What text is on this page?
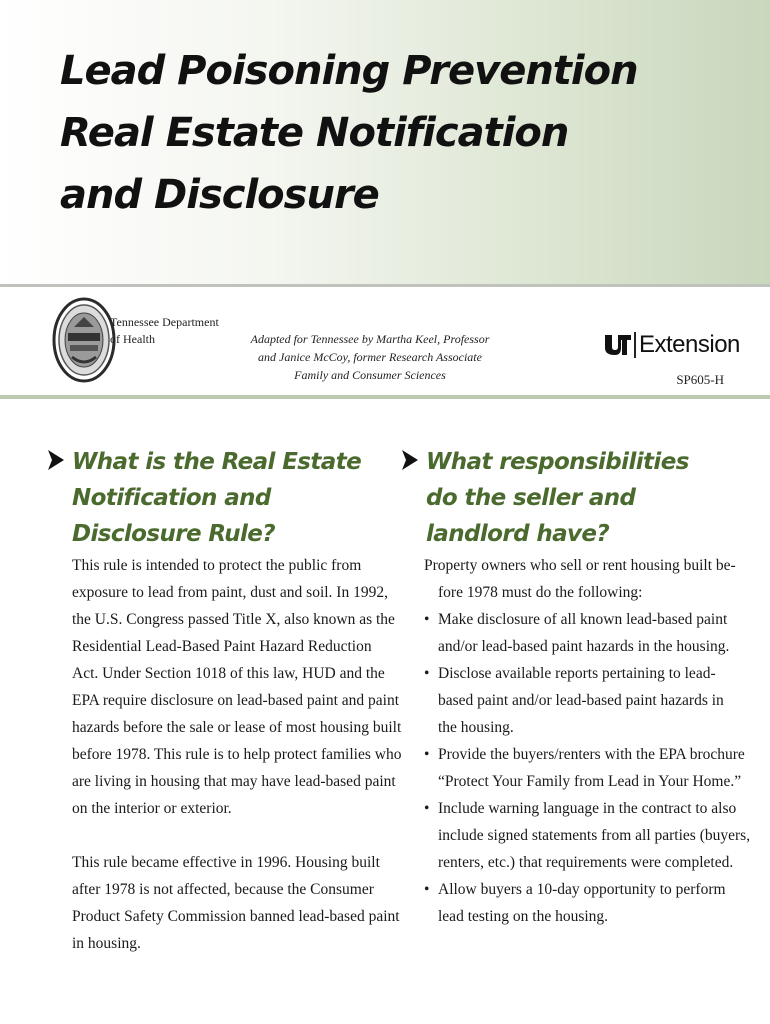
Lead Poisoning Prevention
Real Estate Notification
and Disclosure
Tennessee Department
of Health	Adapted for Tennessee by Martha Keel, Professor
and Janice McCoy, former Research Associate
Family and Consumer Sciences
Extension
SP605-H
What is the Real Estate
Notification and
Disclosure Rule?
This rule is intended to protect the public from
exposure to lead from paint, dust and soil. In 1992,
the U.S. Congress passed Title X, also known as the
Residential Lead-Based Paint Hazard Reduction
Act. Under Section 1018 of this law, HUD and the
EPA require disclosure on lead-based paint and paint
hazards before the sale or lease of most housing built
before 1978. This rule is to help protect families who
are living in housing that may have lead-based paint
on the interior or exterior.
This rule became effective in 1996. Housing built
after 1978 is not affected, because the Consumer
Product Safety Commission banned lead-based paint
in housing.
What responsibilities
do the seller and
landlord have?
Property owners who sell or rent housing built be-
fore 1978 must do the following:
• Make disclosure of all known lead-based paint
and/or lead-based paint hazards in the housing.
• Disclose available reports pertaining to lead-
based paint and/or lead-based paint hazards in
the housing.
• Provide the buyers/renters with the EPA brochure
“Protect Your Family from Lead in Your Home.”
• Include warning language in the contract to also
include signed statements from all parties (buyers,
renters, etc.) that requirements were completed.
• Allow buyers a 10-day opportunity to perform
lead testing on the housing.
